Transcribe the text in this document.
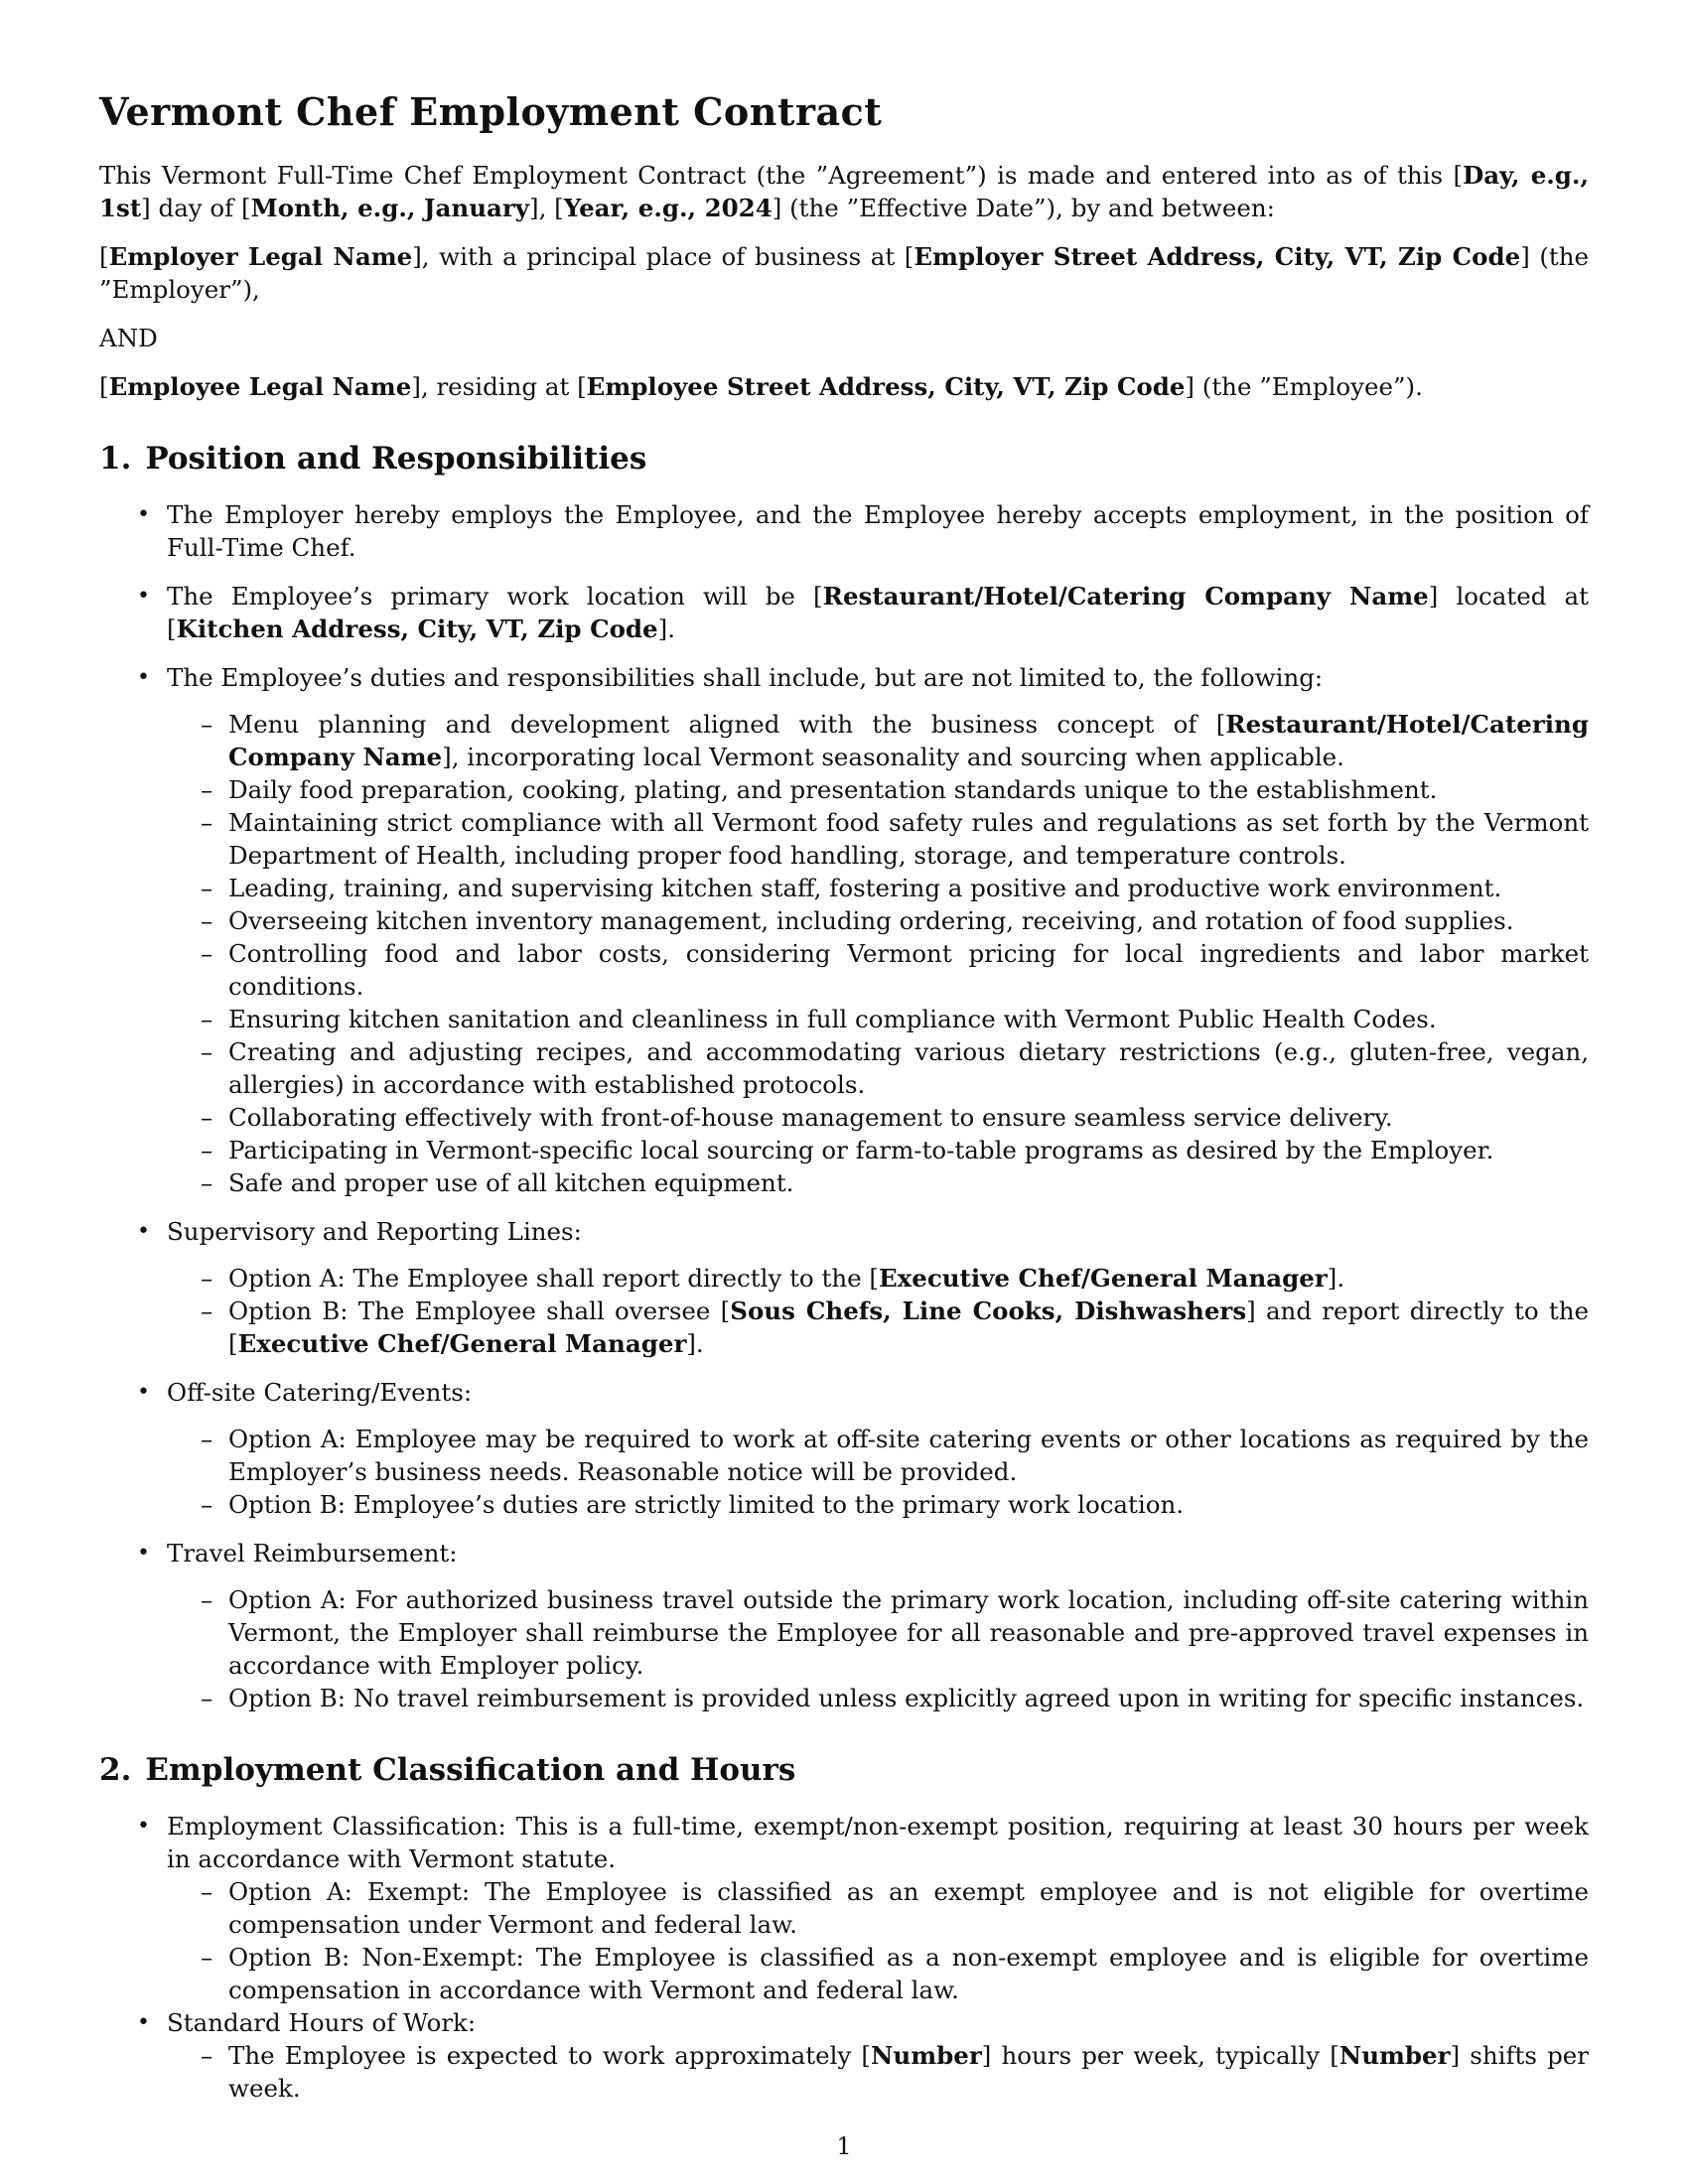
Vermont Chef Employment Contract

This Vermont Full-Time Chef Employment Contract (the ”Agreement”) is made and entered into as of this [Day, e.g., 1st] day of [Month, e.g., January], [Year, e.g., 2024] (the ”Effective Date”), by and between:

[Employer Legal Name], with a principal place of business at [Employer Street Address, City, VT, Zip Code] (the ”Employer”),

AND

[Employee Legal Name], residing at [Employee Street Address, City, VT, Zip Code] (the ”Employee”).

1. Position and Responsibilities
• The Employer hereby employs the Employee, and the Employee hereby accepts employment, in the position of Full-Time Chef.
• The Employee’s primary work location will be [Restaurant/Hotel/Catering Company Name] located at [Kitchen Address, City, VT, Zip Code].
• The Employee’s duties and responsibilities shall include, but are not limited to, the following:
– Menu planning and development aligned with the business concept of [Restaurant/Hotel/Catering Company Name], incorporating local Vermont seasonality and sourcing when applicable.
– Daily food preparation, cooking, plating, and presentation standards unique to the establishment.
– Maintaining strict compliance with all Vermont food safety rules and regulations as set forth by the Vermont Department of Health, including proper food handling, storage, and temperature controls.
– Leading, training, and supervising kitchen staff, fostering a positive and productive work environment.
– Overseeing kitchen inventory management, including ordering, receiving, and rotation of food supplies.
– Controlling food and labor costs, considering Vermont pricing for local ingredients and labor market conditions.
– Ensuring kitchen sanitation and cleanliness in full compliance with Vermont Public Health Codes.
– Creating and adjusting recipes, and accommodating various dietary restrictions (e.g., gluten-free, vegan, allergies) in accordance with established protocols.
– Collaborating effectively with front-of-house management to ensure seamless service delivery.
– Participating in Vermont-specific local sourcing or farm-to-table programs as desired by the Employer.
– Safe and proper use of all kitchen equipment.
• Supervisory and Reporting Lines:
– Option A: The Employee shall report directly to the [Executive Chef/General Manager].
– Option B: The Employee shall oversee [Sous Chefs, Line Cooks, Dishwashers] and report directly to the [Executive Chef/General Manager].
• Off-site Catering/Events:
– Option A: Employee may be required to work at off-site catering events or other locations as required by the Employer’s business needs. Reasonable notice will be provided.
– Option B: Employee’s duties are strictly limited to the primary work location.
• Travel Reimbursement:
– Option A: For authorized business travel outside the primary work location, including off-site catering within Vermont, the Employer shall reimburse the Employee for all reasonable and pre-approved travel expenses in accordance with Employer policy.
– Option B: No travel reimbursement is provided unless explicitly agreed upon in writing for specific instances.
2. Employment Classification and Hours
• Employment Classification: This is a full-time, exempt/non-exempt position, requiring at least 30 hours per week in accordance with Vermont statute.
– Option A: Exempt: The Employee is classified as an exempt employee and is not eligible for overtime compensation under Vermont and federal law.
– Option B: Non-Exempt: The Employee is classified as a non-exempt employee and is eligible for overtime compensation in accordance with Vermont and federal law.
• Standard Hours of Work:
– The Employee is expected to work approximately [Number] hours per week, typically [Number] shifts per week.
1
